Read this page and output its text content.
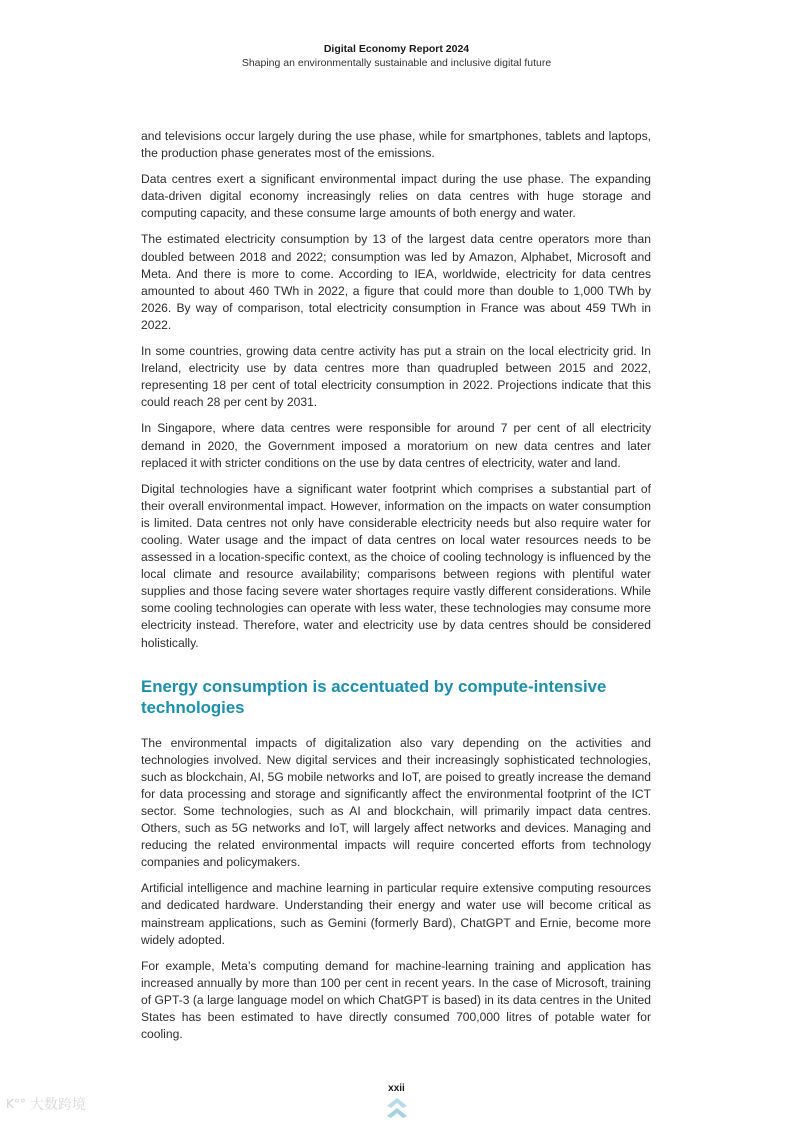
Digital Economy Report 2024
Shaping an environmentally sustainable and inclusive digital future

and televisions occur largely during the use phase, while for smartphones, tablets and laptops, the production phase generates most of the emissions.

Data centres exert a significant environmental impact during the use phase. The expanding data-driven digital economy increasingly relies on data centres with huge storage and computing capacity, and these consume large amounts of both energy and water.

The estimated electricity consumption by 13 of the largest data centre operators more than doubled between 2018 and 2022; consumption was led by Amazon, Alphabet, Microsoft and Meta. And there is more to come. According to IEA, worldwide, electricity for data centres amounted to about 460 TWh in 2022, a figure that could more than double to 1,000 TWh by 2026. By way of comparison, total electricity consumption in France was about 459 TWh in 2022.

In some countries, growing data centre activity has put a strain on the local electricity grid. In Ireland, electricity use by data centres more than quadrupled between 2015 and 2022, representing 18 per cent of total electricity consumption in 2022. Projections indicate that this could reach 28 per cent by 2031.

In Singapore, where data centres were responsible for around 7 per cent of all electricity demand in 2020, the Government imposed a moratorium on new data centres and later replaced it with stricter conditions on the use by data centres of electricity, water and land.

Digital technologies have a significant water footprint which comprises a substantial part of their overall environmental impact. However, information on the impacts on water consumption is limited. Data centres not only have considerable electricity needs but also require water for cooling. Water usage and the impact of data centres on local water resources needs to be assessed in a location-specific context, as the choice of cooling technology is influenced by the local climate and resource availability; comparisons between regions with plentiful water supplies and those facing severe water shortages require vastly different considerations. While some cooling technologies can operate with less water, these technologies may consume more electricity instead. Therefore, water and electricity use by data centres should be considered holistically.

Energy consumption is accentuated by compute-intensive technologies

The environmental impacts of digitalization also vary depending on the activities and technologies involved. New digital services and their increasingly sophisticated technologies, such as blockchain, AI, 5G mobile networks and IoT, are poised to greatly increase the demand for data processing and storage and significantly affect the environmental footprint of the ICT sector. Some technologies, such as AI and blockchain, will primarily impact data centres. Others, such as 5G networks and IoT, will largely affect networks and devices. Managing and reducing the related environmental impacts will require concerted efforts from technology companies and policymakers.

Artificial intelligence and machine learning in particular require extensive computing resources and dedicated hardware. Understanding their energy and water use will become critical as mainstream applications, such as Gemini (formerly Bard), ChatGPT and Ernie, become more widely adopted.

For example, Meta’s computing demand for machine-learning training and application has increased annually by more than 100 per cent in recent years. In the case of Microsoft, training of GPT-3 (a large language model on which ChatGPT is based) in its data centres in the United States has been estimated to have directly consumed 700,000 litres of potable water for cooling.

xxii
K°° 大数跨境
